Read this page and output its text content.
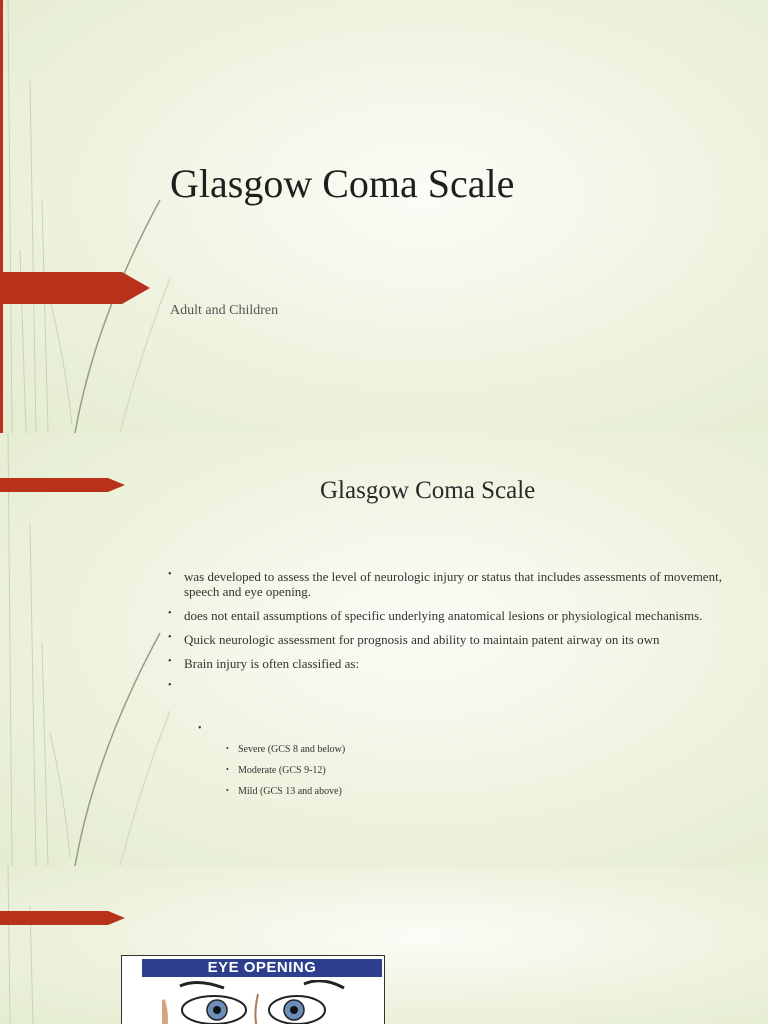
Glasgow Coma Scale
Adult and Children
Glasgow Coma Scale
• was developed to assess the level of neurologic injury or status that includes assessments of movement, speech and eye opening.
• does not entail assumptions of specific underlying anatomical lesions or physiological mechanisms.
• Quick neurologic assessment for prognosis and ability to maintain patent airway on its own
• Brain injury is often classified as:
•
•
• Severe (GCS 8 and below)
• Moderate (GCS 9-12)
• Mild (GCS 13 and above)
EYE OPENING
